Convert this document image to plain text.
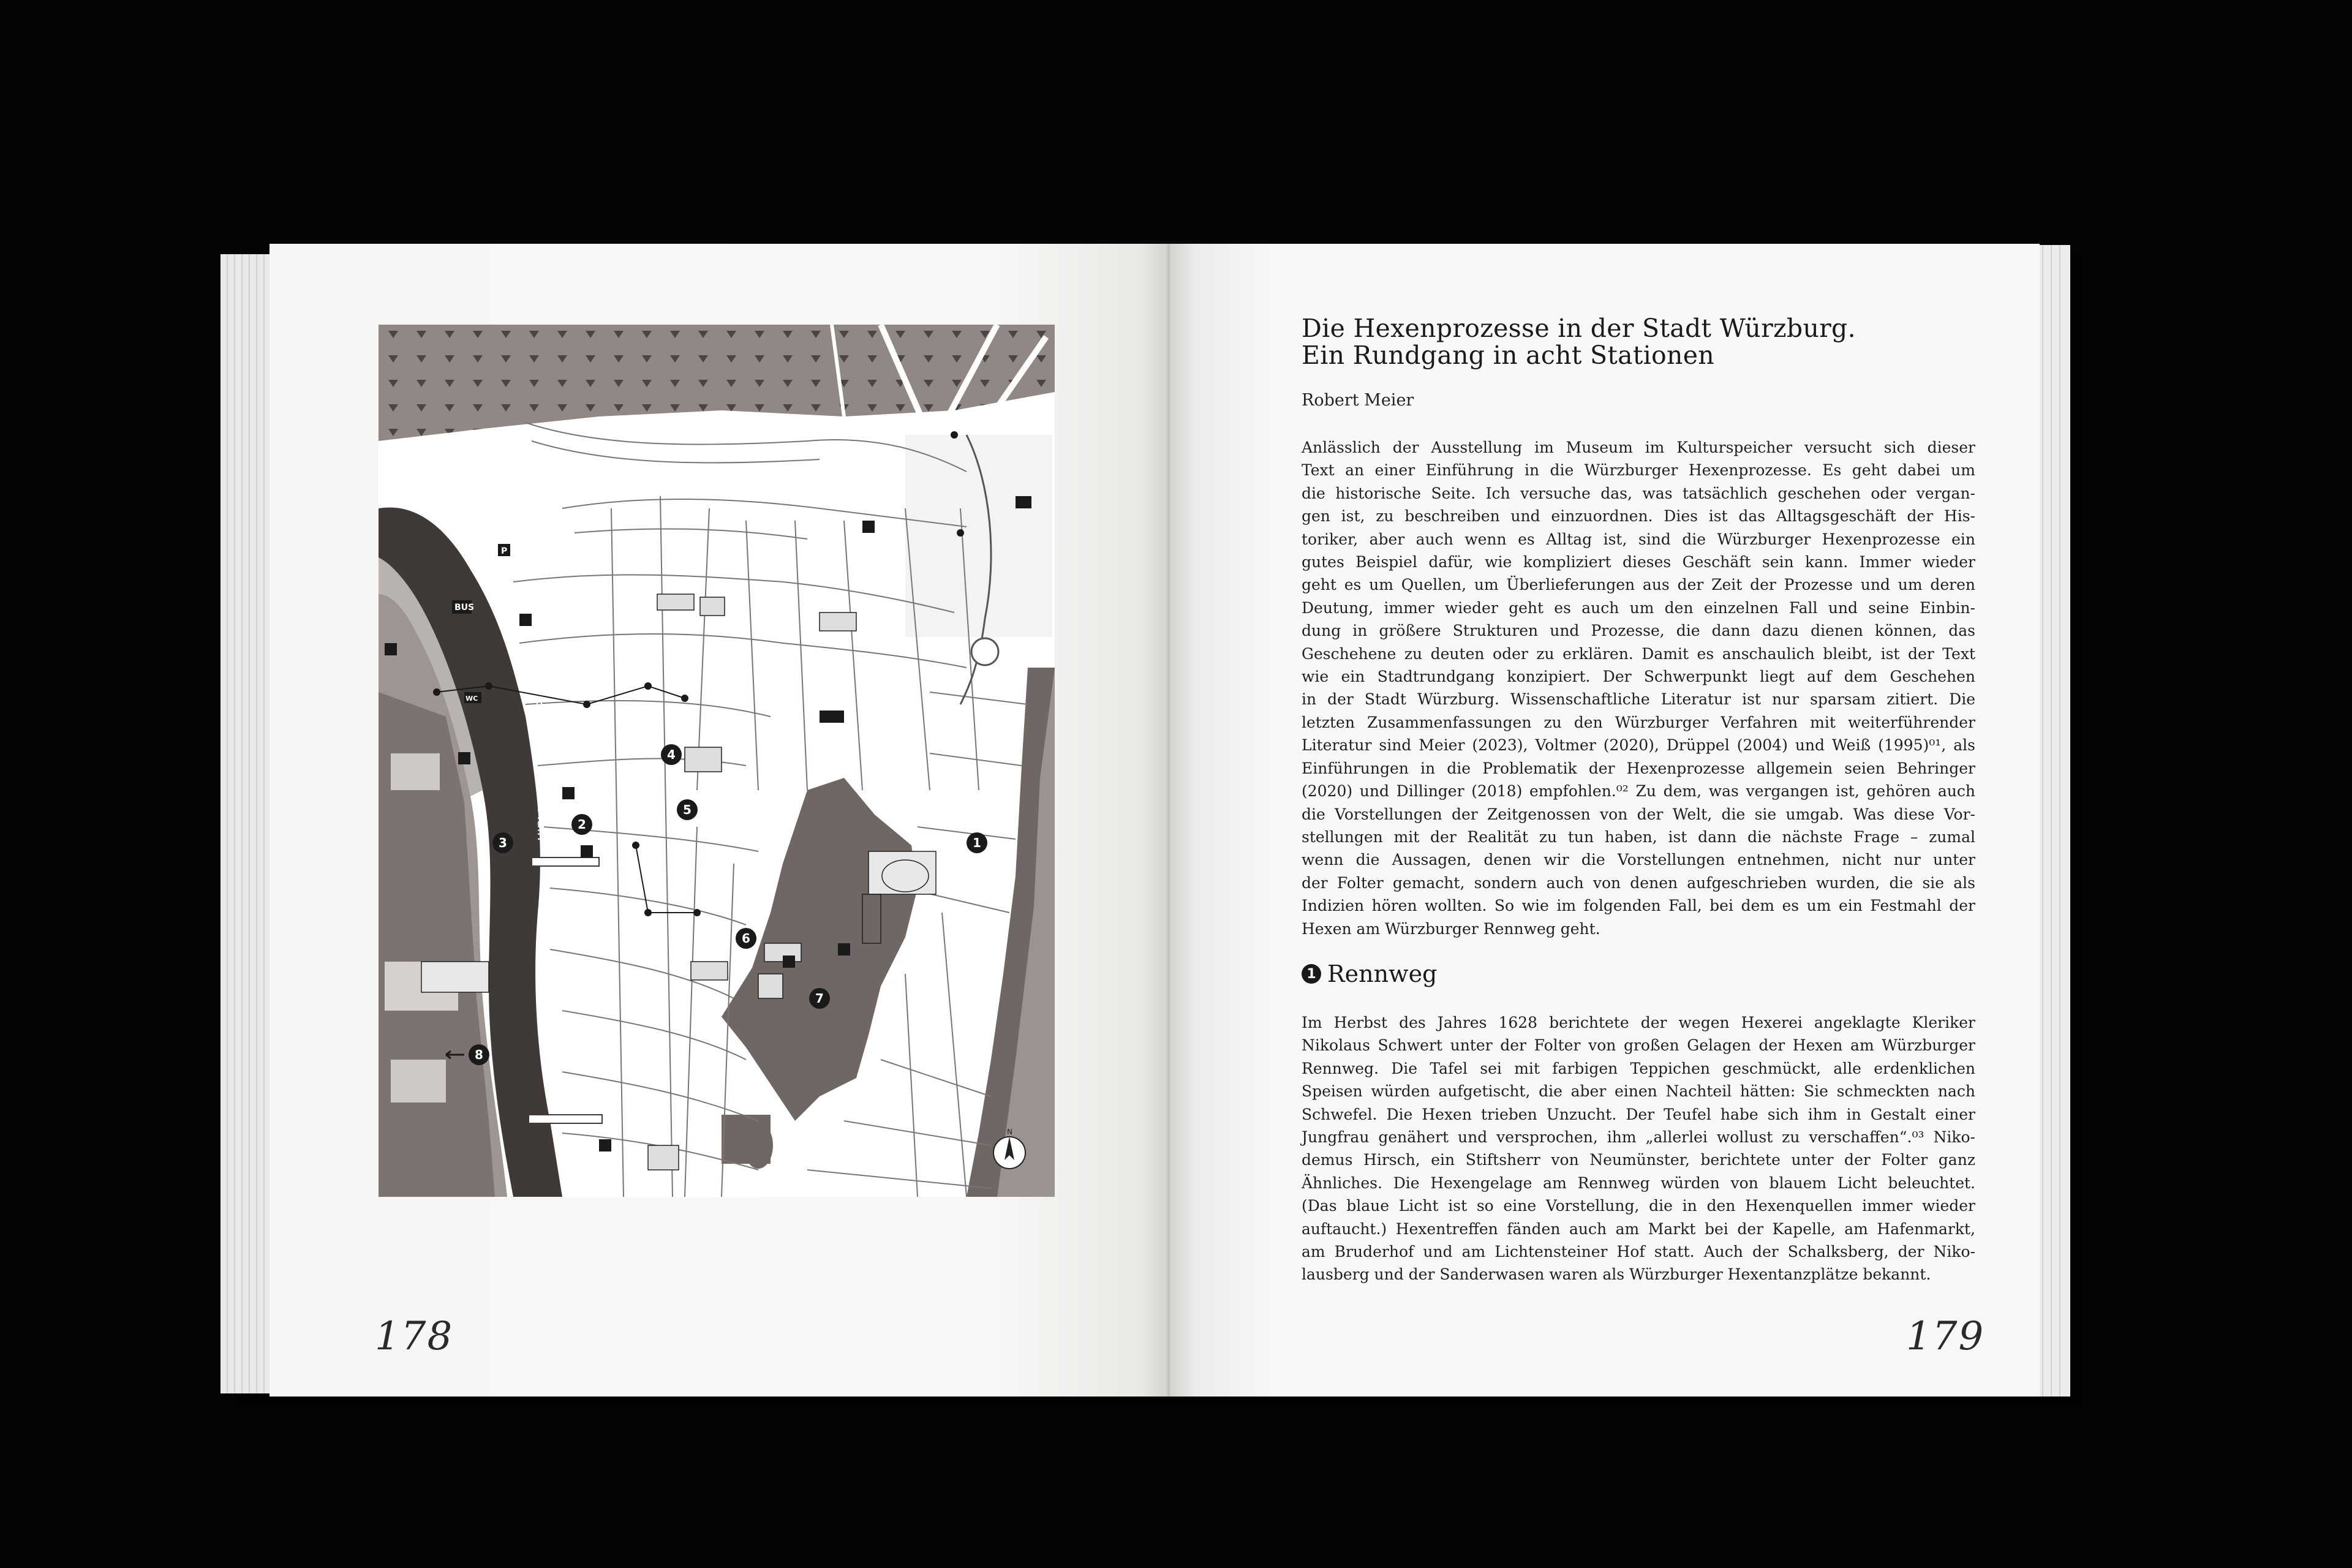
⚓
Main
BUS
P
WC
Hochschule
für Musik
1
2
3
4
5
6
7
8
N
178	179
Die Hexenprozesse in der Stadt Würzburg.
Ein Rundgang in acht Stationen
Robert Meier
Anlässlich der Ausstellung im Museum im Kulturspeicher versucht sich dieser
Text an einer Einführung in die Würzburger Hexenprozesse. Es geht dabei um
die historische Seite. Ich versuche das, was tatsächlich geschehen oder vergan-
gen ist, zu beschreiben und einzuordnen. Dies ist das Alltagsgeschäft der His-
toriker, aber auch wenn es Alltag ist, sind die Würzburger Hexenprozesse ein
gutes Beispiel dafür, wie kompliziert dieses Geschäft sein kann. Immer wieder
geht es um Quellen, um Überlieferungen aus der Zeit der Prozesse und um deren
Deutung, immer wieder geht es auch um den einzelnen Fall und seine Einbin-
dung in größere Strukturen und Prozesse, die dann dazu dienen können, das
Geschehene zu deuten oder zu erklären. Damit es anschaulich bleibt, ist der Text
wie ein Stadtrundgang konzipiert. Der Schwerpunkt liegt auf dem Geschehen
in der Stadt Würzburg. Wissenschaftliche Literatur ist nur sparsam zitiert. Die
letzten Zusammenfassungen zu den Würzburger Verfahren mit weiterführender
Literatur sind Meier (2023), Voltmer (2020), Drüppel (2004) und Weiß (1995)⁰¹, als
Einführungen in die Problematik der Hexenprozesse allgemein seien Behringer
(2020) und Dillinger (2018) empfohlen.⁰² Zu dem, was vergangen ist, gehören auch
die Vorstellungen der Zeitgenossen von der Welt, die sie umgab. Was diese Vor-
stellungen mit der Realität zu tun haben, ist dann die nächste Frage – zumal
wenn die Aussagen, denen wir die Vorstellungen entnehmen, nicht nur unter
der Folter gemacht, sondern auch von denen aufgeschrieben wurden, die sie als
Indizien hören wollten. So wie im folgenden Fall, bei dem es um ein Festmahl der
Hexen am Würzburger Rennweg geht.
1 Rennweg
Im Herbst des Jahres 1628 berichtete der wegen Hexerei angeklagte Kleriker
Nikolaus Schwert unter der Folter von großen Gelagen der Hexen am Würzburger
Rennweg. Die Tafel sei mit farbigen Teppichen geschmückt, alle erdenklichen
Speisen würden aufgetischt, die aber einen Nachteil hätten: Sie schmeckten nach
Schwefel. Die Hexen trieben Unzucht. Der Teufel habe sich ihm in Gestalt einer
Jungfrau genähert und versprochen, ihm „allerlei wollust zu verschaffen“.⁰³ Niko-
demus Hirsch, ein Stiftsherr von Neumünster, berichtete unter der Folter ganz
Ähnliches. Die Hexengelage am Rennweg würden von blauem Licht beleuchtet.
(Das blaue Licht ist so eine Vorstellung, die in den Hexenquellen immer wieder
auftaucht.) Hexentreffen fänden auch am Markt bei der Kapelle, am Hafenmarkt,
am Bruderhof und am Lichtensteiner Hof statt. Auch der Schalksberg, der Niko-
lausberg und der Sanderwasen waren als Würzburger Hexentanzplätze bekannt.
